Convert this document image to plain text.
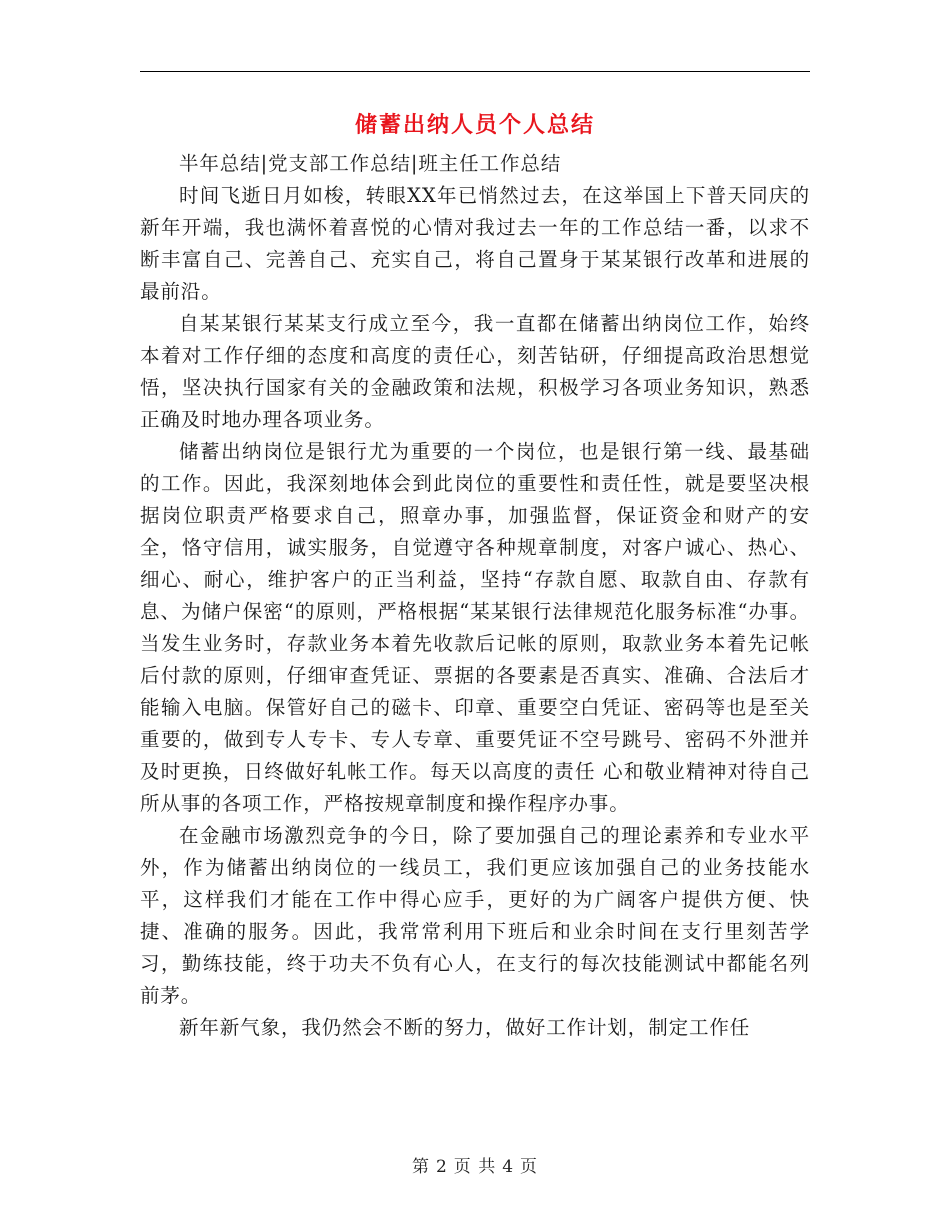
储蓄出纳人员个人总结

半年总结|党支部工作总结|班主任工作总结

时间飞逝日月如梭，转眼XX年已悄然过去，在这举国上下普天同庆的新年开端，我也满怀着喜悦的心情对我过去一年的工作总结一番，以求不断丰富自己、完善自己、充实自己，将自己置身于某某银行改革和进展的最前沿。

自某某银行某某支行成立至今，我一直都在储蓄出纳岗位工作，始终本着对工作仔细的态度和高度的责任心，刻苦钻研，仔细提高政治思想觉悟，坚决执行国家有关的金融政策和法规，积极学习各项业务知识，熟悉正确及时地办理各项业务。

储蓄出纳岗位是银行尤为重要的一个岗位，也是银行第一线、最基础的工作。因此，我深刻地体会到此岗位的重要性和责任性，就是要坚决根据岗位职责严格要求自己，照章办事，加强监督，保证资金和财产的安全，恪守信用，诚实服务，自觉遵守各种规章制度，对客户诚心、热心、细心、耐心，维护客户的正当利益，坚持“存款自愿、取款自由、存款有息、为储户保密“的原则，严格根据“某某银行法律规范化服务标准“办事。当发生业务时，存款业务本着先收款后记帐的原则，取款业务本着先记帐后付款的原则，仔细审查凭证、票据的各要素是否真实、准确、合法后才能输入电脑。保管好自己的磁卡、印章、重要空白凭证、密码等也是至关重要的，做到专人专卡、专人专章、重要凭证不空号跳号、密码不外泄并及时更换，日终做好轧帐工作。每天以高度的责任 心和敬业精神对待自己所从事的各项工作，严格按规章制度和操作程序办事。

在金融市场激烈竞争的今日，除了要加强自己的理论素养和专业水平外，作为储蓄出纳岗位的一线员工，我们更应该加强自己的业务技能水平，这样我们才能在工作中得心应手，更好的为广阔客户提供方便、快捷、准确的服务。因此，我常常利用下班后和业余时间在支行里刻苦学习，勤练技能，终于功夫不负有心人，在支行的每次技能测试中都能名列前茅。

新年新气象，我仍然会不断的努力，做好工作计划，制定工作任

第 2 页 共 4 页
